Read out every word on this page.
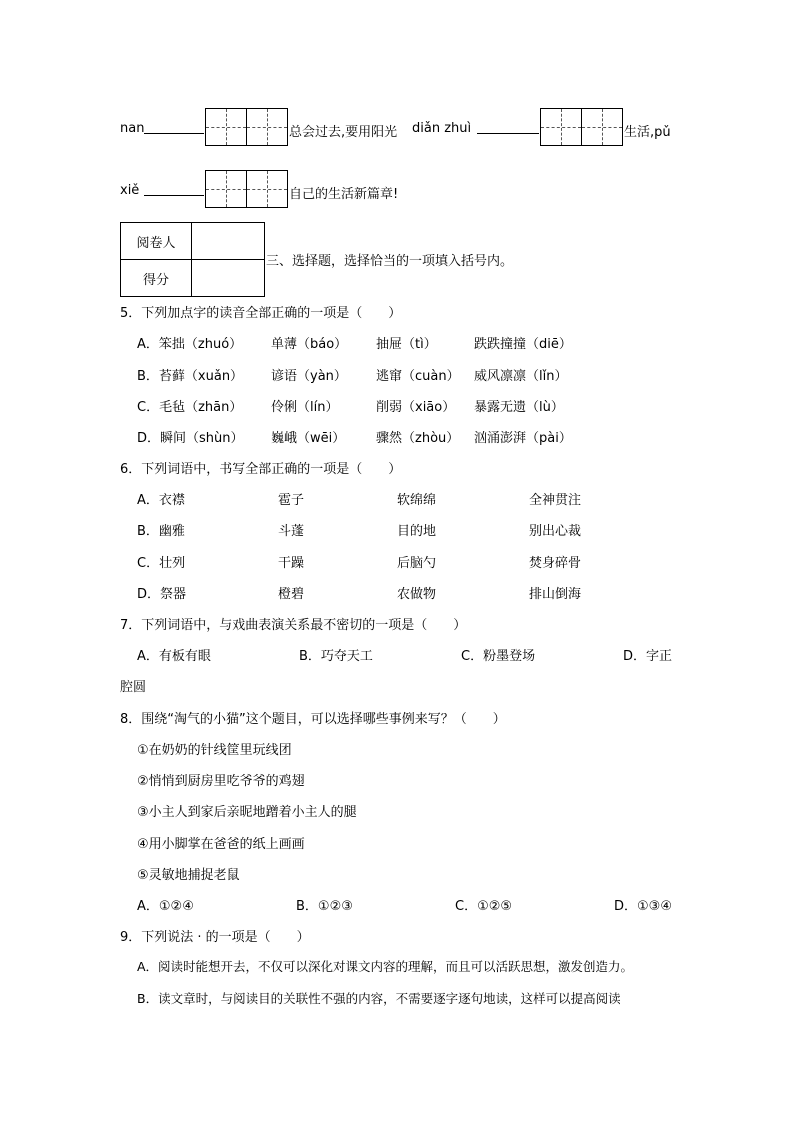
nan	总会过去,要用阳光 diǎn zhuì	生活,pǔ
xiě	自己的生活新篇章!
阅卷人	
得分	
三、选择题，选择恰当的一项填入括号内。
5．下列加点字的读音全部正确的一项是（　　）
A．笨拙（zhuó） 单薄（báo） 抽屉（tì）	跌跌撞撞（diē）
B．苔藓（xuǎn） 谚语（yàn） 逃窜（cuàn） 威风凛凛（lǐn）
C．毛毡（zhān） 伶俐（lín）	削弱（xiāo） 暴露无遗（lù）
D．瞬间（shùn） 巍峨（wēi） 骤然（zhòu） 汹涌澎湃（pài）
6．下列词语中，书写全部正确的一项是（　　）
A．衣襟	雹子	软绵绵	全神贯注
B．幽雅	斗蓬	目的地	别出心裁
C．壮列	干躁	后脑勺	焚身碎骨
D．祭器	橙碧	农做物	排山倒海
7．下列词语中，与戏曲表演关系最不密切的一项是（　　）
A．有板有眼	B．巧夺天工	C．粉墨登场	D．字正
腔圆
8．围绕“淘气的小猫”这个题目，可以选择哪些事例来写？（　　）
①在奶奶的针线筐里玩线团
②悄悄到厨房里吃爷爷的鸡翅
③小主人到家后亲昵地蹭着小主人的腿
④用小脚掌在爸爸的纸上画画
⑤灵敏地捕捉老鼠
A．①②④	B．①②③	C．①②⑤	D．①③④
9．下列说法 · 的一项是（　　）
A．阅读时能想开去，不仅可以深化对课文内容的理解，而且可以活跃思想，激发创造力。
B．读文章时，与阅读目的关联性不强的内容，不需要逐字逐句地读，这样可以提高阅读
